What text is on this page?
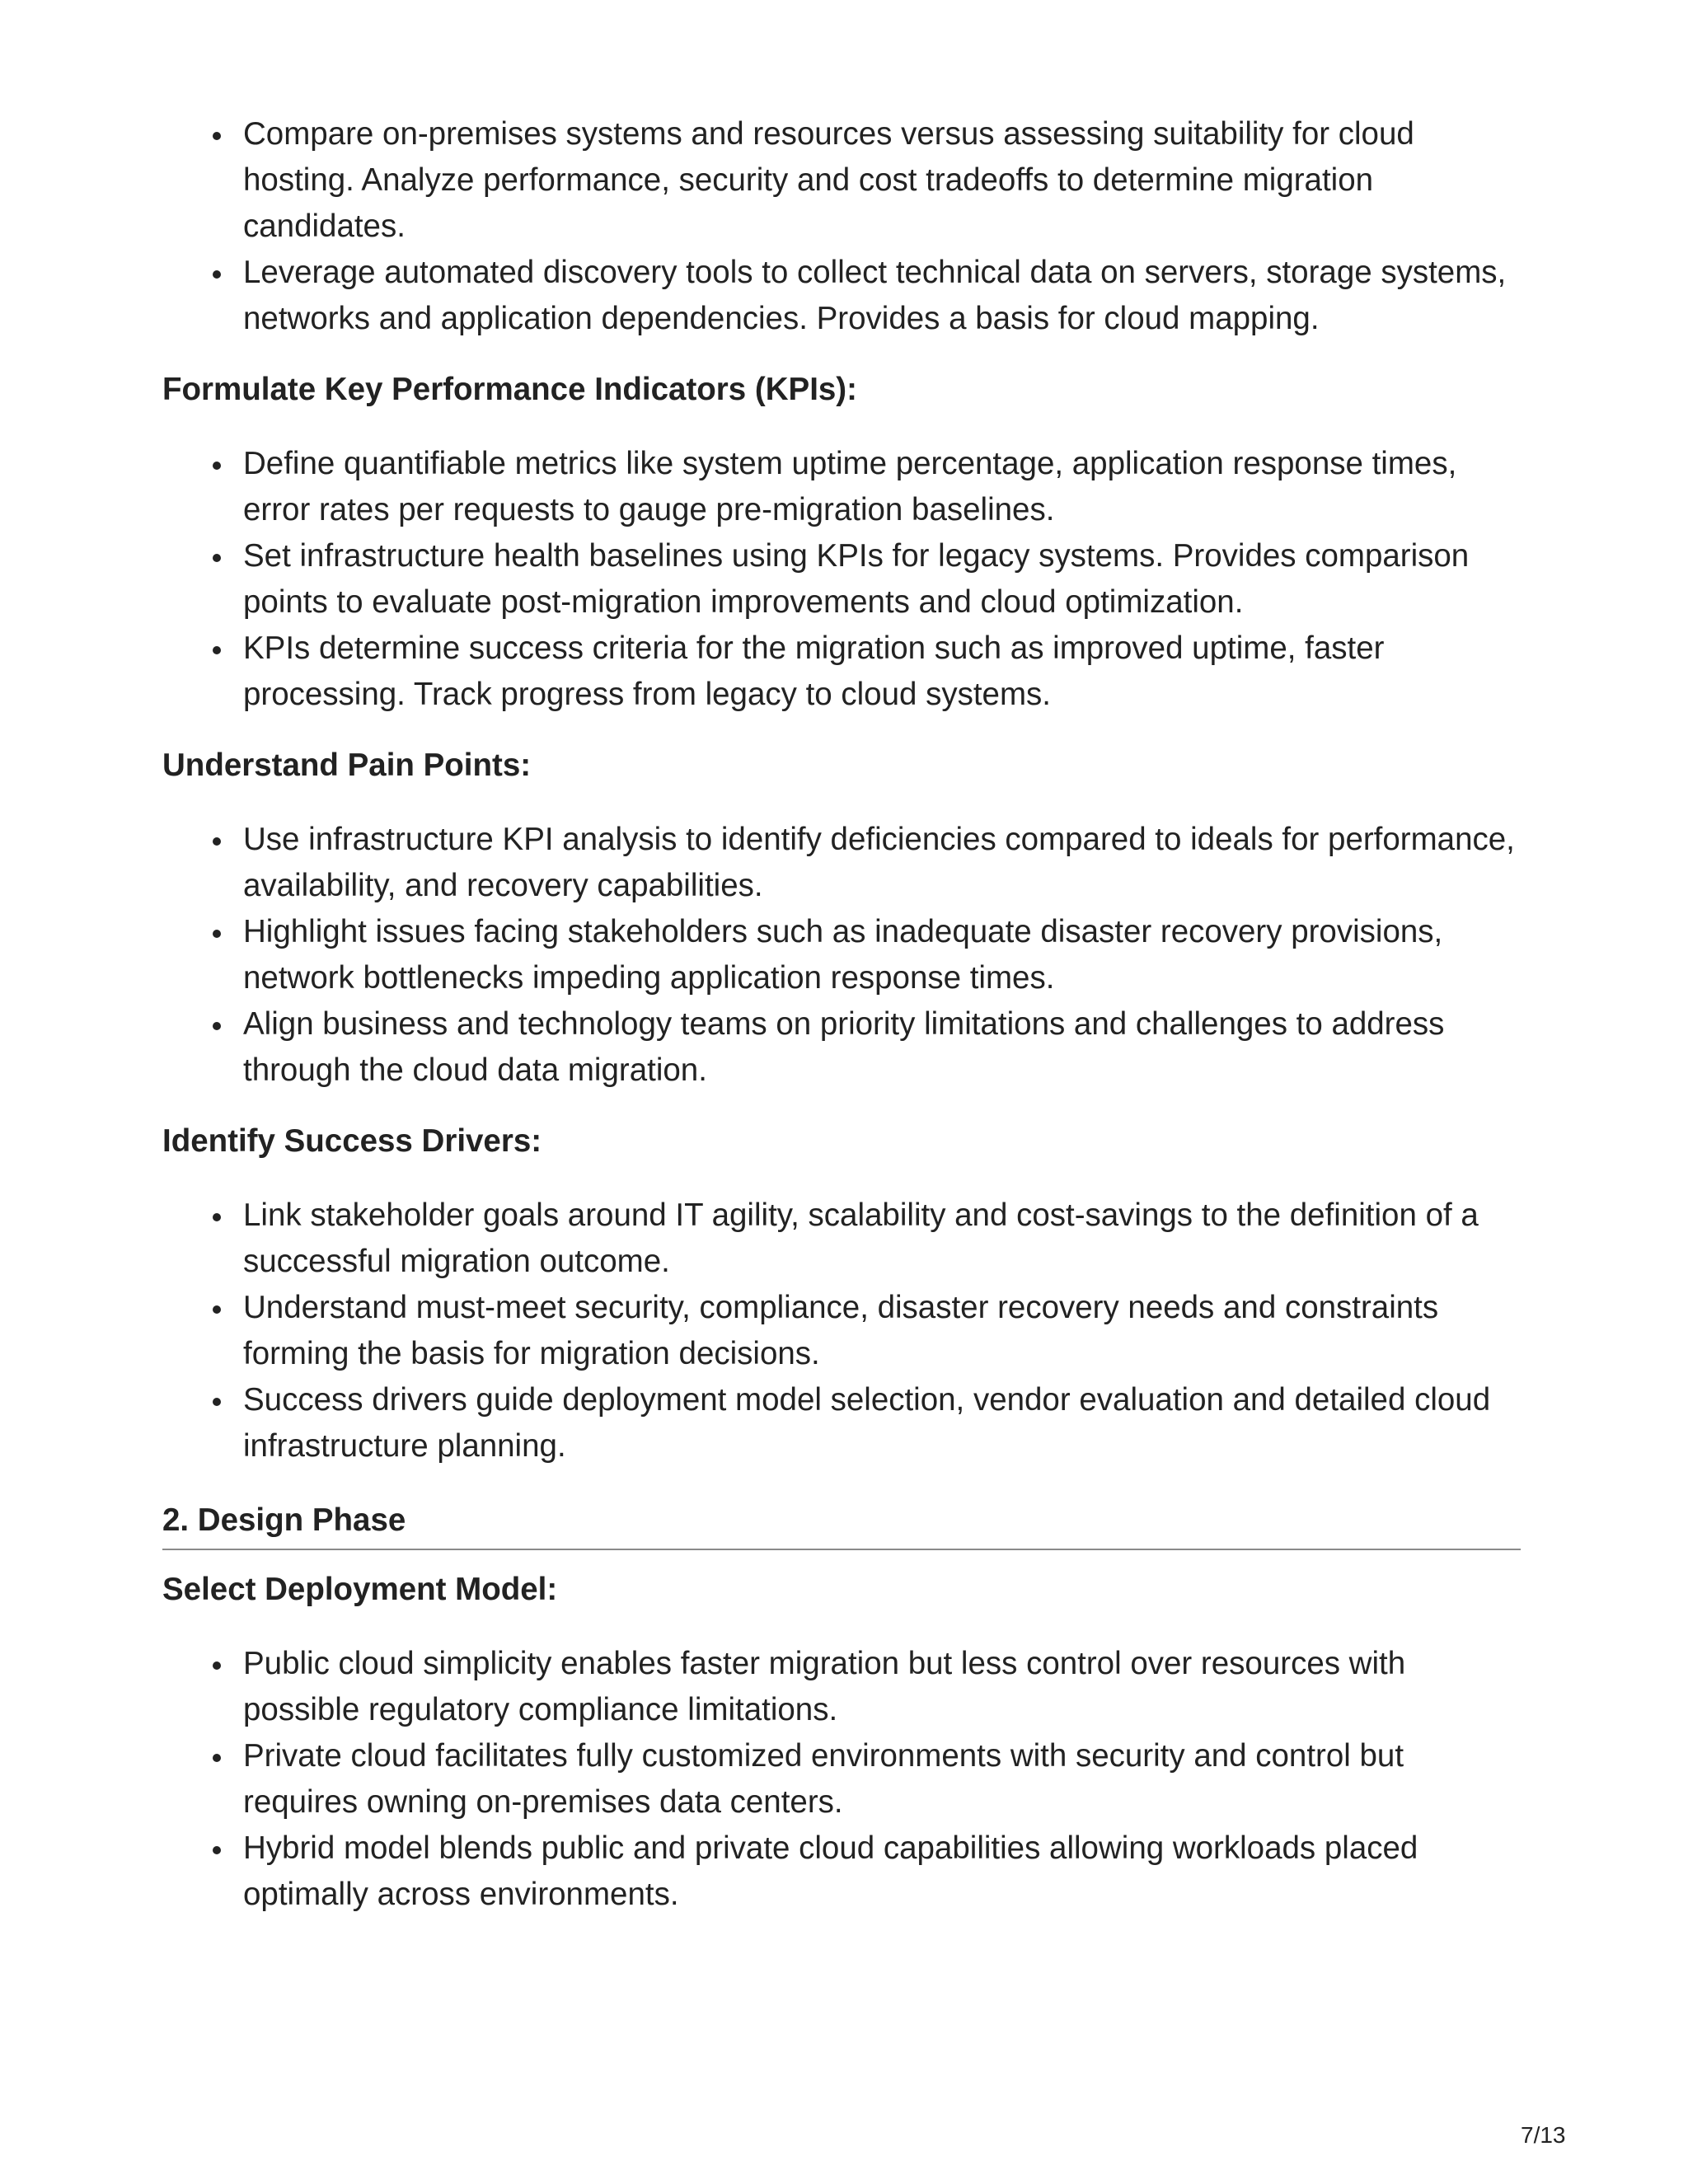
Compare on-premises systems and resources versus assessing suitability for cloud hosting. Analyze performance, security and cost tradeoffs to determine migration candidates.
Leverage automated discovery tools to collect technical data on servers, storage systems, networks and application dependencies. Provides a basis for cloud mapping.
Formulate Key Performance Indicators (KPIs):
Define quantifiable metrics like system uptime percentage, application response times, error rates per requests to gauge pre-migration baselines.
Set infrastructure health baselines using KPIs for legacy systems. Provides comparison points to evaluate post-migration improvements and cloud optimization.
KPIs determine success criteria for the migration such as improved uptime, faster processing. Track progress from legacy to cloud systems.
Understand Pain Points:
Use infrastructure KPI analysis to identify deficiencies compared to ideals for performance, availability, and recovery capabilities.
Highlight issues facing stakeholders such as inadequate disaster recovery provisions, network bottlenecks impeding application response times.
Align business and technology teams on priority limitations and challenges to address through the cloud data migration.
Identify Success Drivers:
Link stakeholder goals around IT agility, scalability and cost-savings to the definition of a successful migration outcome.
Understand must-meet security, compliance, disaster recovery needs and constraints forming the basis for migration decisions.
Success drivers guide deployment model selection, vendor evaluation and detailed cloud infrastructure planning.
2. Design Phase
Select Deployment Model:
Public cloud simplicity enables faster migration but less control over resources with possible regulatory compliance limitations.
Private cloud facilitates fully customized environments with security and control but requires owning on-premises data centers.
Hybrid model blends public and private cloud capabilities allowing workloads placed optimally across environments.
7/13
